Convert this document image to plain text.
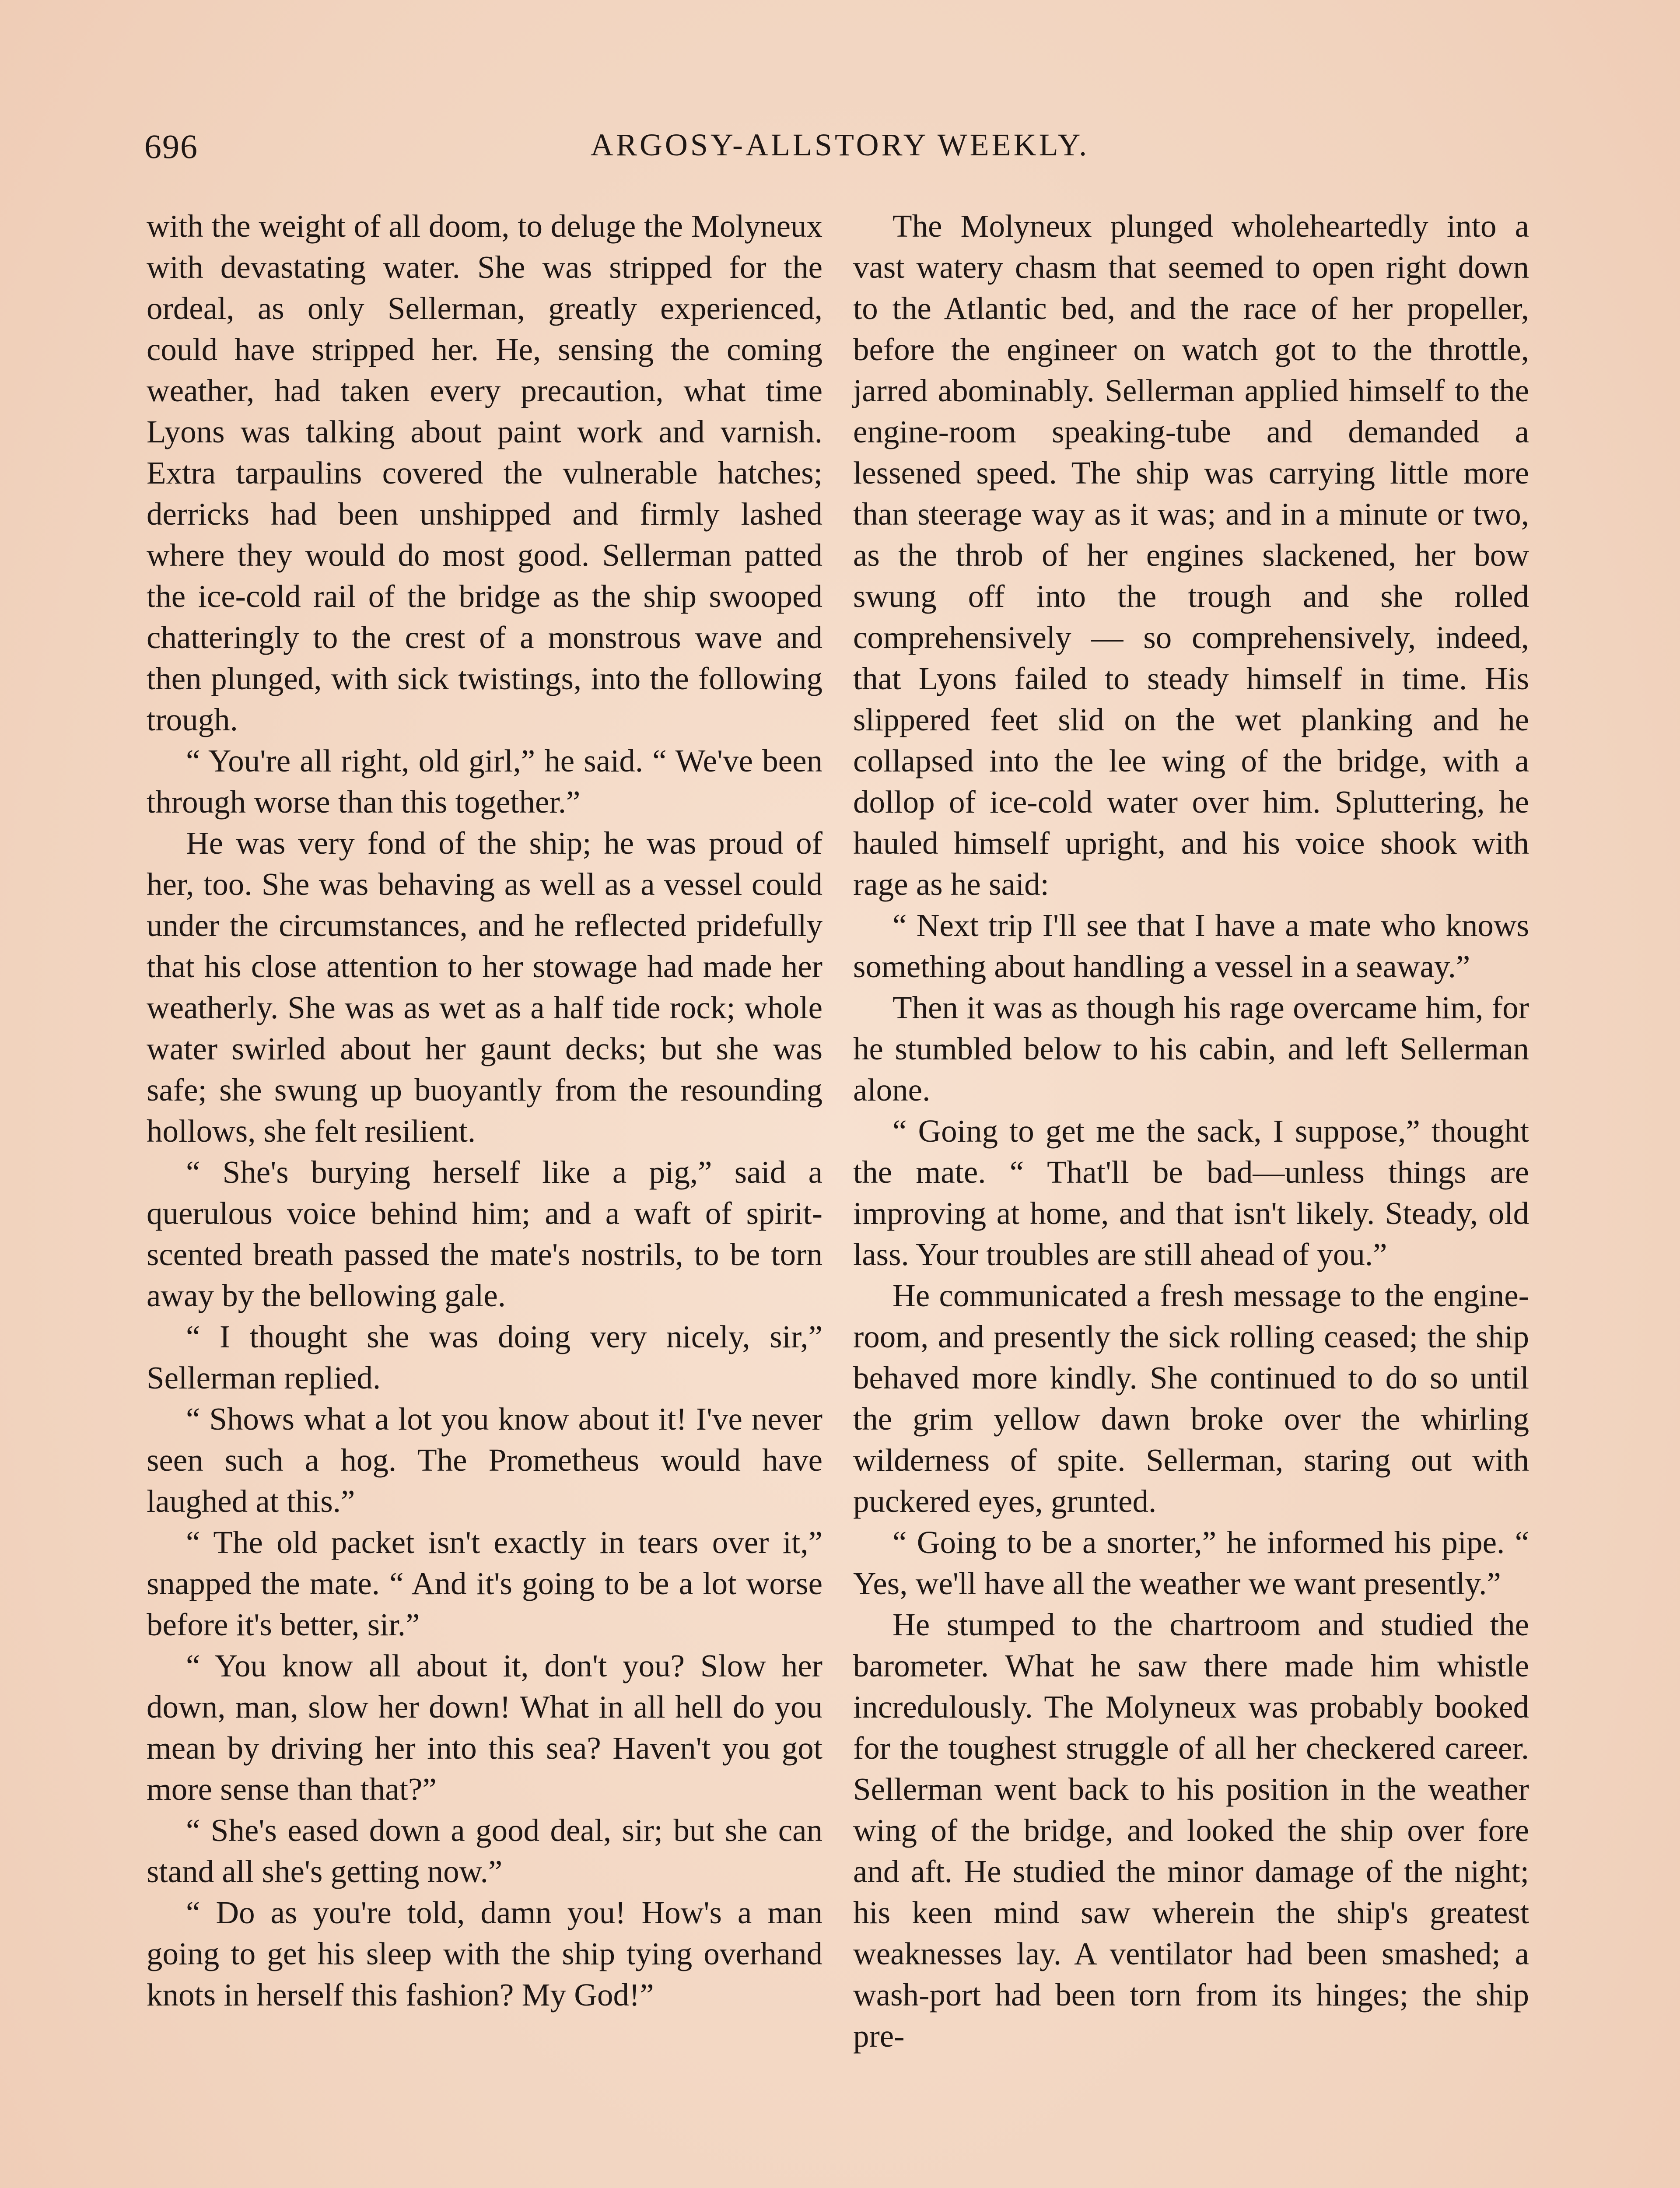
696	ARGOSY-ALLSTORY WEEKLY.

with the weight of all doom, to deluge the Molyneux with devastating water. She was stripped for the ordeal, as only Sellerman, greatly experienced, could have stripped her. He, sensing the coming weather, had taken every precaution, what time Lyons was talking about paint work and varnish. Extra tarpaulins covered the vulnerable hatches; derricks had been unshipped and firmly lashed where they would do most good. Sellerman patted the ice-cold rail of the bridge as the ship swooped chatteringly to the crest of a monstrous wave and then plunged, with sick twistings, into the following trough.

“ You're all right, old girl,” he said. “ We've been through worse than this together.”

He was very fond of the ship; he was proud of her, too. She was behaving as well as a vessel could under the circumstances, and he reflected pridefully that his close attention to her stowage had made her weatherly. She was as wet as a half tide rock; whole water swirled about her gaunt decks; but she was safe; she swung up buoyantly from the resounding hollows, she felt resilient.

“ She's burying herself like a pig,” said a querulous voice behind him; and a waft of spirit-scented breath passed the mate's nostrils, to be torn away by the bellowing gale.

“ I thought she was doing very nicely, sir,” Sellerman replied.

“ Shows what a lot you know about it! I've never seen such a hog. The Prometheus would have laughed at this.”

“ The old packet isn't exactly in tears over it,” snapped the mate. “ And it's going to be a lot worse before it's better, sir.”

“ You know all about it, don't you? Slow her down, man, slow her down! What in all hell do you mean by driving her into this sea? Haven't you got more sense than that?”

“ She's eased down a good deal, sir; but she can stand all she's getting now.”

“ Do as you're told, damn you! How's a man going to get his sleep with the ship tying overhand knots in herself this fashion? My God!”

The Molyneux plunged wholeheartedly into a vast watery chasm that seemed to open right down to the Atlantic bed, and the race of her propeller, before the engineer on watch got to the throttle, jarred abominably. Sellerman applied himself to the engine-room speaking-tube and demanded a lessened speed. The ship was carrying little more than steerage way as it was; and in a minute or two, as the throb of her engines slackened, her bow swung off into the trough and she rolled comprehensively — so comprehensively, indeed, that Lyons failed to steady himself in time. His slippered feet slid on the wet planking and he collapsed into the lee wing of the bridge, with a dollop of ice-cold water over him. Spluttering, he hauled himself upright, and his voice shook with rage as he said:

“ Next trip I'll see that I have a mate who knows something about handling a vessel in a seaway.”

Then it was as though his rage overcame him, for he stumbled below to his cabin, and left Sellerman alone.

“ Going to get me the sack, I suppose,” thought the mate. “ That'll be bad—unless things are improving at home, and that isn't likely. Steady, old lass. Your troubles are still ahead of you.”

He communicated a fresh message to the engine-room, and presently the sick rolling ceased; the ship behaved more kindly. She continued to do so until the grim yellow dawn broke over the whirling wilderness of spite. Sellerman, staring out with puckered eyes, grunted.

“ Going to be a snorter,” he informed his pipe. “ Yes, we'll have all the weather we want presently.”

He stumped to the chartroom and studied the barometer. What he saw there made him whistle incredulously. The Molyneux was probably booked for the toughest struggle of all her checkered career. Sellerman went back to his position in the weather wing of the bridge, and looked the ship over fore and aft. He studied the minor damage of the night; his keen mind saw wherein the ship's greatest weaknesses lay. A ventilator had been smashed; a wash-port had been torn from its hinges; the ship pre-
